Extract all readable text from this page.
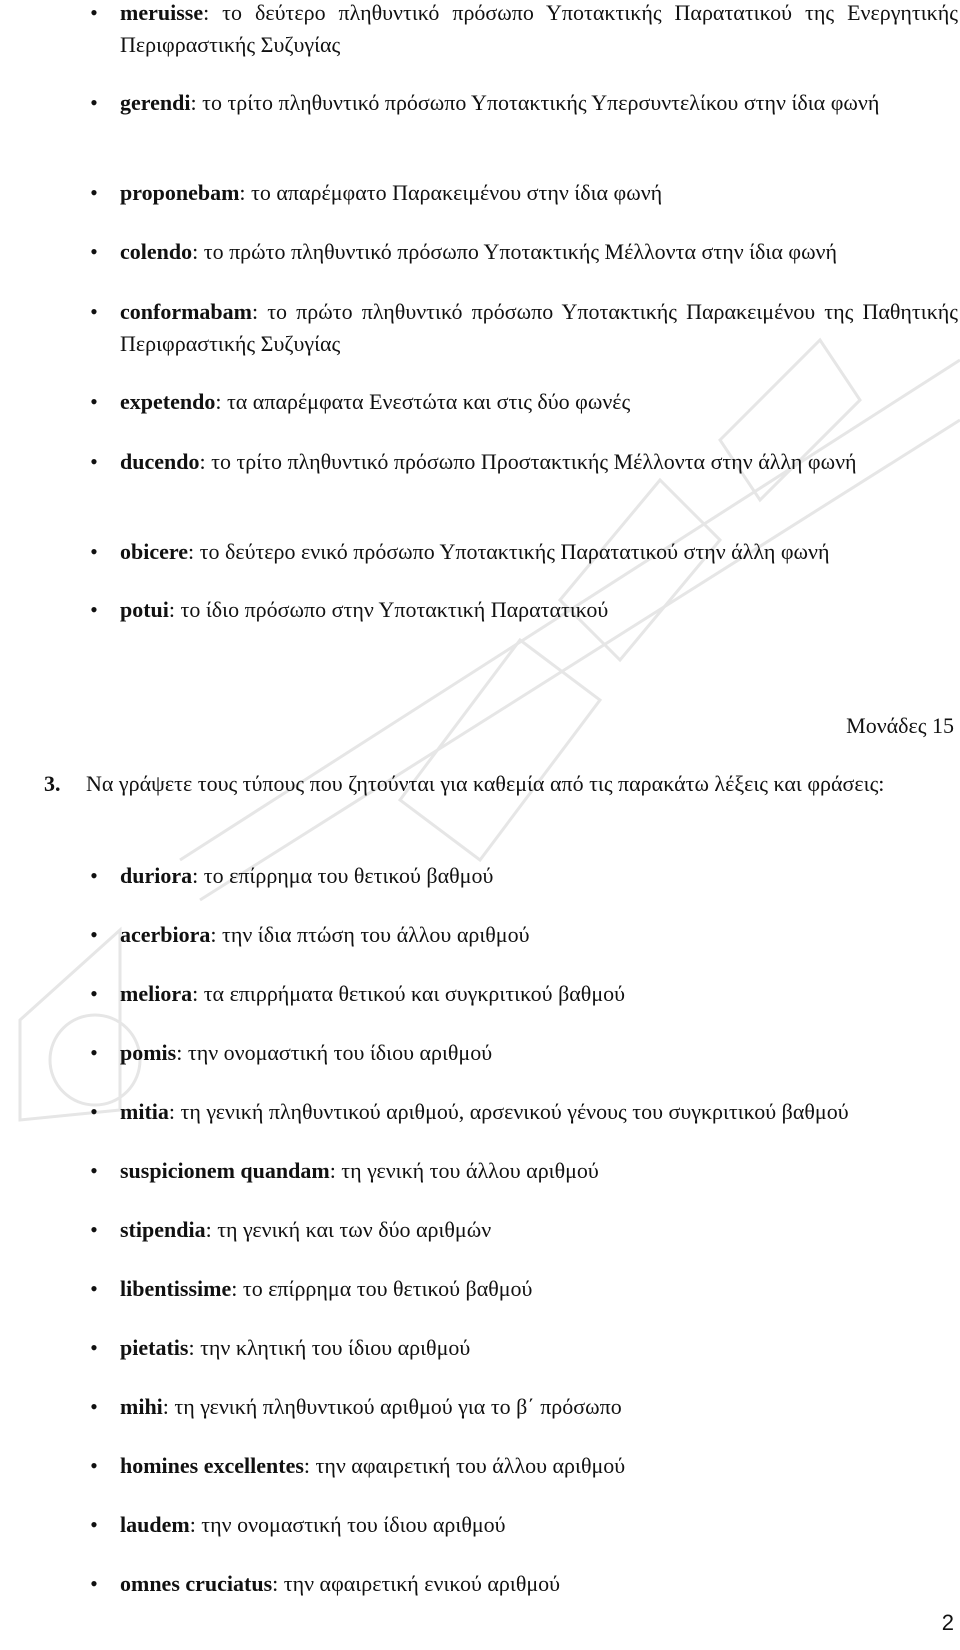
• meruisse: το δεύτερο πληθυντικό πρόσωπο Υποτακτικής Παρατατικού της Ενεργητικής Περιφραστικής Συζυγίας
• gerendi: το τρίτο πληθυντικό πρόσωπο Υποτακτικής Υπερσυντελίκου στην ίδια φωνή
• proponebam: το απαρέμφατο Παρακειμένου στην ίδια φωνή
• colendo: το πρώτο πληθυντικό πρόσωπο Υποτακτικής Μέλλοντα στην ίδια φωνή
• conformabam: το πρώτο πληθυντικό πρόσωπο Υποτακτικής Παρακειμένου της Παθητικής Περιφραστικής Συζυγίας
• expetendo: τα απαρέμφατα Ενεστώτα και στις δύο φωνές
• ducendo: το τρίτο πληθυντικό πρόσωπο Προστακτικής Μέλλοντα στην άλλη φωνή
• obicere: το δεύτερο ενικό πρόσωπο Υποτακτικής Παρατατικού στην άλλη φωνή
• potui: το ίδιο πρόσωπο στην Υποτακτική Παρατατικού
Μονάδες 15
3. Να γράψετε τους τύπους που ζητούνται για καθεμία από τις παρακάτω λέξεις και φράσεις:
• duriora: το επίρρημα του θετικού βαθμού
• acerbiora: την ίδια πτώση του άλλου αριθμού
• meliora: τα επιρρήματα θετικού και συγκριτικού βαθμού
• pomis: την ονομαστική του ίδιου αριθμού
• mitia: τη γενική πληθυντικού αριθμού, αρσενικού γένους του συγκριτικού βαθμού
• suspicionem quandam: τη γενική του άλλου αριθμού
• stipendia: τη γενική και των δύο αριθμών
• libentissime: το επίρρημα του θετικού βαθμού
• pietatis: την κλητική του ίδιου αριθμού
• mihi: τη γενική πληθυντικού αριθμού για το β΄ πρόσωπο
• homines excellentes: την αφαιρετική του άλλου αριθμού
• laudem: την ονομαστική του ίδιου αριθμού
• omnes cruciatus: την αφαιρετική ενικού αριθμού
2
